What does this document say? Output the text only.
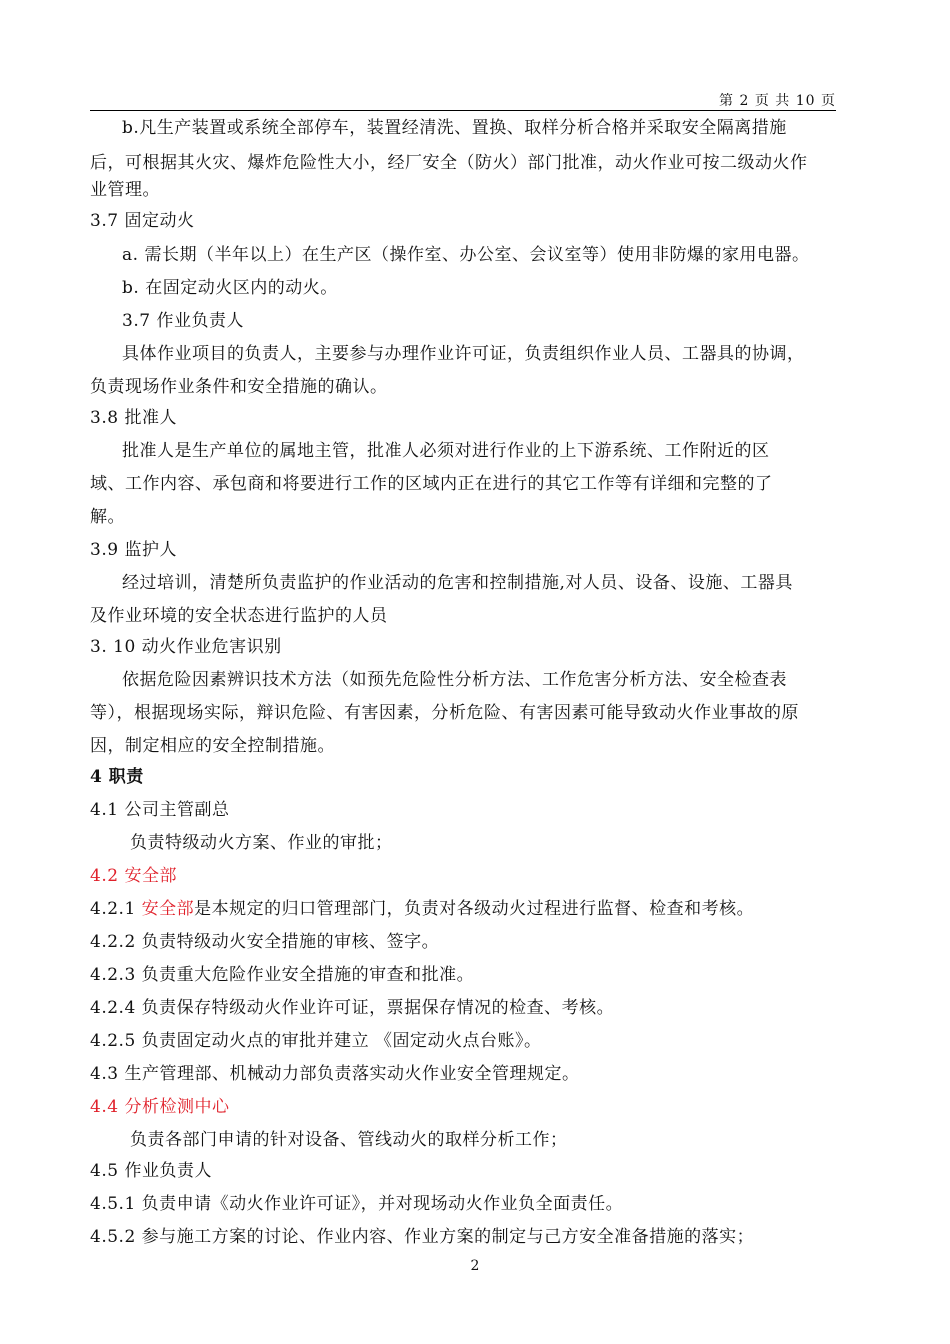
第 2 页 共 10 页
b.凡生产装置或系统全部停车，装置经清洗、置换、取样分析合格并采取安全隔离措施
后，可根据其火灾、爆炸危险性大小，经厂安全（防火）部门批准，动火作业可按二级动火作
业管理。
3.7 固定动火
a. 需长期（半年以上）在生产区（操作室、办公室、会议室等）使用非防爆的家用电器。
b. 在固定动火区内的动火。
3.7 作业负责人
具体作业项目的负责人，主要参与办理作业许可证，负责组织作业人员、工器具的协调，
负责现场作业条件和安全措施的确认。
3.8 批准人
批准人是生产单位的属地主管，批准人必须对进行作业的上下游系统、工作附近的区
域、工作内容、承包商和将要进行工作的区域内正在进行的其它工作等有详细和完整的了
解。
3.9 监护人
经过培训，清楚所负责监护的作业活动的危害和控制措施,对人员、设备、设施、工器具
及作业环境的安全状态进行监护的人员
3. 10 动火作业危害识别
依据危险因素辨识技术方法（如预先危险性分析方法、工作危害分析方法、安全检查表
等），根据现场实际，辩识危险、有害因素，分析危险、有害因素可能导致动火作业事故的原
因，制定相应的安全控制措施。
4 职责
4.1 公司主管副总
负责特级动火方案、作业的审批；
4.2 安全部
4.2.1 安全部是本规定的归口管理部门，负责对各级动火过程进行监督、检查和考核。
4.2.2 负责特级动火安全措施的审核、签字。
4.2.3 负责重大危险作业安全措施的审查和批准。
4.2.4 负责保存特级动火作业许可证，票据保存情况的检查、考核。
4.2.5 负责固定动火点的审批并建立 《固定动火点台账》。
4.3 生产管理部、机械动力部负责落实动火作业安全管理规定。
4.4 分析检测中心
负责各部门申请的针对设备、管线动火的取样分析工作；
4.5 作业负责人
4.5.1 负责申请《动火作业许可证》，并对现场动火作业负全面责任。
4.5.2 参与施工方案的讨论、作业内容、作业方案的制定与己方安全准备措施的落实；
2
